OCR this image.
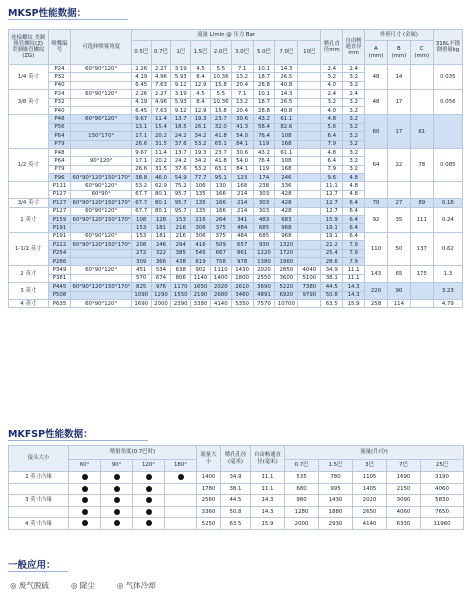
MKSP性能数据：
连接螺纹 美制锥管螺纹(Z) 美制锥管螺纹(ZG)	喷嘴编号	可选择喷雾角度	流量 L/min @ 压力 Bar									喷孔直径mm	自由畅通直径mm	外形尺寸 (金属)			316L不锈钢重量kg
			0.5巴	0.7巴	1巴	1.5巴	2.0巴	3.0巴	5.0巴	7.0巴	10巴			A (mm)	B (mm)	C (mm)	
1/4 英寸	P24	60°90°120°	2.26	2.27	3.19	4.5	5.5	7.1	10.1	14.3		2.4	2.4	48	14		0.035
	P32		4.19	4.96	5.93	8.4	10.36	13.2	18.7	26.5		3.2	3.2				
	P40		6.45	7.63	9.12	12.9	15.8	20.4	28.8	40.8		4.0	3.2				
3/8 英寸	P24	60°90°120°	2.26	2.27	3.19	4.5	5.5	7.1	10.1	14.3		2.4	2.4	48	17		0.056
	P32		4.19	4.96	5.93	8.4	10.36	13.2	18.7	26.5		3.2	3.2				
	P40		6.45	7.63	9.12	12.9	15.8	20.4	28.8	40.8		4.0	3.2				
	P48	60°90°120°	9.67	11.4	13.7	19.3	23.7	30.6	43.2	61.1		4.8	3.2	60	17	61	
	P56		13.1	15.4	18.5	26.1	32.0	41.3	58.4	82.6		5.6	3.2				
	P64	150°170°	17.1	20.2	24.2	34.2	41.8	54.0	76.4	108		6.4	3.2				
	P79		26.6	31.5	37.6	53.2	65.1	84.1	119	168		7.9	3.2				
1/2 英寸	P48		9.67	11.4	13.7	19.3	23.7	30.6	43.2	61.1		4.8	3.2	64	22	78	0.085
	P64	90°120°	17.1	20.2	24.2	34.2	41.8	54.0	76.4	108		6.4	3.2				
	P79		26.6	31.5	37.6	53.2	65.1	84.1	119	168		7.9	3.2				
	P96	60°90°120°150°170°	38.8	46.0	54.9	77.7	95.1	123	174	246		9.6	4.8				
	P111	60°90°120°	53.2	62.9	75.2	106	130	168	238	336		11.1	4.8				
	P127	60°90°	67.7	80.1	95.7	135	166	214	303	428		12.7	4.8				
3/4 英寸	P127	60°90°120°150°170°	67.7	80.1	95.7	135	166	214	303	428		12.7	6.4	70	27	89	0.16
1 英寸	P127	60°90°120°	67.7	80.1	95.7	135	166	214	303	428		12.7	6.4	92	35	111	0.24
	P159	60°90°120°150°170°	108	128	153	216	264	341	483	683		15.9	6.4				
	P191		153	181	216	306	375	484	685	968		19.1	6.4				
1-1/2 英寸	P191	60°90°120°	153	181	216	306	375	484	685	968		19.1	6.4	110	50	137	0.62
	P222	60°90°120°150°170°	208	246	294	416	509	657	930	1320		22.2	7.9				
	P254		272	322	385	545	667	861	1220	1720		25.4	7.9				
	P286		309	366	438	619	758	978	1380	1960		28.6	7.9				
2 英寸	P349	60°90°120°	451	534	638	902	1110	1430	2020	2850	4040	34.9	11.1	143	65	175	1.3
	P381		570	674	806	1140	1400	1800	2550	3600	5100	38.1	11.1				
3 英寸	P445	60°90°120°150°170°	825	976	1170	1650	2020	2610	3690	5220	7380	44.5	14.3	220	90		3.23
	P508		1090	1290	1550	2190	2680	3460	4891	6920	9790	50.8	14.3				
4 英寸	P635	60°90°120°	1690	2000	2390	3380	4140	5350	7570	10700		63.5	15.9	258	114		4.79
MKFSP性能数据：
接头大小	喷射角度(0.7巴时)				流量大小	喷孔孔径(毫米)	自由畅通直径(毫米)	流量(升/分)				
	60°	90°	120°	180°				0.7巴	1.5巴	3巴	7巴	25巴
2 英寸凸缘					1400	34.9	11.1	535	780	1105	1690	3190
					1780	38.1	11.1	680	995	1405	2150	4060
3 英寸凸缘					2560	44.5	14.3	980	1430	2020	3090	5830
					3360	50.8	14.3	1280	1880	2650	4060	7650
4 英寸凸缘					5250	63.5	15.9	2000	2930	4140	6330	11960
一般应用：
◎ 废气脱硫	◎ 除尘	◎ 气体冷却
